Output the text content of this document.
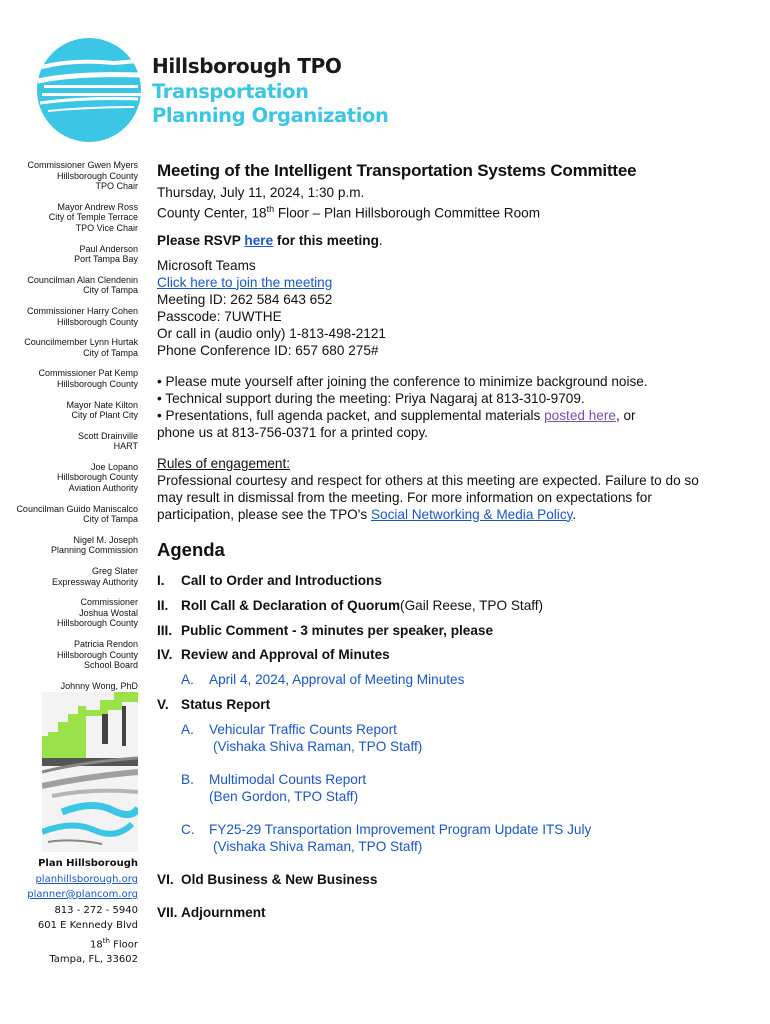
Hillsborough TPO
Transportation
Planning Organization
Commissioner Gwen Myers
Hillsborough County
TPO Chair
Mayor Andrew Ross
City of Temple Terrace
TPO Vice Chair
Paul Anderson
Port Tampa Bay
Councilman Alan Clendenin
City of Tampa
Commissioner Harry Cohen
Hillsborough County
Councilmember Lynn Hurtak
City of Tampa
Commissioner Pat Kemp
Hillsborough County
Mayor Nate Kilton
City of Plant City
Scott Drainville
HART
Joe Lopano
Hillsborough County
Aviation Authority
Councilman Guido Maniscalco
City of Tampa
Nigel M. Joseph
Planning Commission
Greg Slater
Expressway Authority
Commissioner
Joshua Wostal
Hillsborough County
Patricia Rendon
Hillsborough County
School Board
Johnny Wong, PhD

Plan Hillsborough
planhillsborough.org
planner@plancom.org
813 - 272 - 5940
601 E Kennedy Blvd
18th Floor
Tampa, FL, 33602

Meeting of the Intelligent Transportation Systems Committee

Thursday, July 11, 2024, 1:30 p.m.

County Center, 18th Floor – Plan Hillsborough Committee Room

Please RSVP here for this meeting.

Microsoft Teams

Click here to join the meeting

Meeting ID: 262 584 643 652

Passcode: 7UWTHE

Or call in (audio only) 1-813-498-2121

Phone Conference ID: 657 680 275#

• Please mute yourself after joining the conference to minimize background noise.

• Technical support during the meeting: Priya Nagaraj at 813-310-9709.

• Presentations, full agenda packet, and supplemental materials posted here, or

phone us at 813-756-0371 for a printed copy.

Rules of engagement:

Professional courtesy and respect for others at this meeting are expected. Failure to do so may result in dismissal from the meeting. For more information on expectations for participation, please see the TPO's Social Networking & Media Policy.

Agenda

I.	Call to Order and Introductions
II. Roll Call & Declaration of Quorum (Gail Reese, TPO Staff)
III. Public Comment - 3 minutes per speaker, please
IV. Review and Approval of Minutes
A.	April 4, 2024, Approval of Meeting Minutes
V. Status Report
A.	Vehicular Traffic Counts Report
(Vishaka Shiva Raman, TPO Staff)
B.	Multimodal Counts Report
(Ben Gordon, TPO Staff)
C.	FY25-29 Transportation Improvement Program Update ITS July
(Vishaka Shiva Raman, TPO Staff)
VI. Old Business & New Business
VII. Adjournment
